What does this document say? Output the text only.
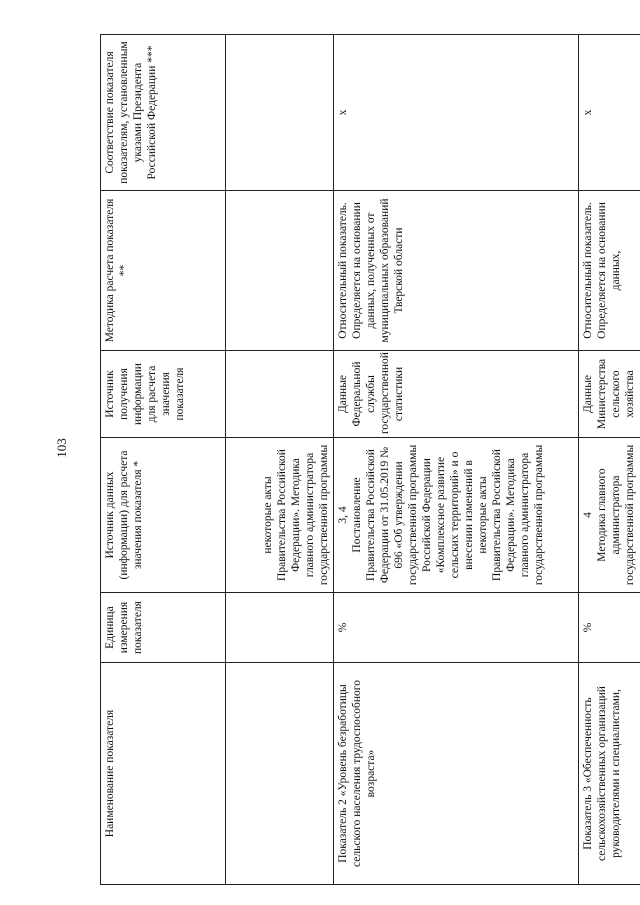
103
Наименование показателя	Единица измерения показателя	Источник данных (информации) для расчета значения показателя *	Источник получения информации для расчета значения показателя	Методика расчета показателя **	Соответствие показателя показателям, установленным указами Президента Российской Федерации ***
		некоторые акты Правительства Российской Федерации». Методика главного администратора государственной программы			
Показатель 2 «Уровень безработицы сельского населения трудоспособного возраста»	%	3, 4 Постановление Правительства Российской Федерации от 31.05.2019 № 696 «Об утверждении государственной программы Российской Федерации «Комплексное развитие сельских территорий» и о внесении изменений в некоторые акты Правительства Российской Федерации». Методика главного администратора государственной программы	Данные Федеральной службы государственной статистики	Относительный показатель. Определяется на основании данных, полученных от муниципальных образований Тверской области	х
Показатель 3 «Обеспеченность сельскохозяйственных организаций руководителями и специалистами,	%	4 Методика главного администратора государственной программы	Данные Министерства сельского хозяйства	Относительный показатель. Определяется на основании данных,	х
